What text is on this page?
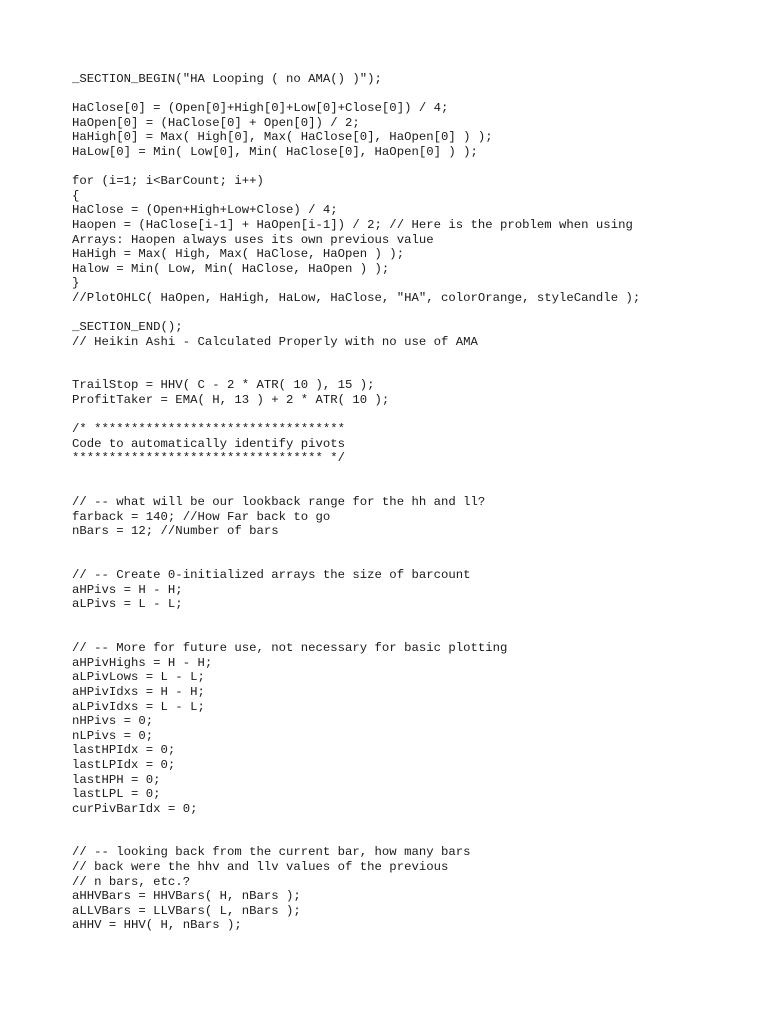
_SECTION_BEGIN("HA Looping ( no AMA() )");

HaClose[0] = (Open[0]+High[0]+Low[0]+Close[0]) / 4;
HaOpen[0] = (HaClose[0] + Open[0]) / 2;
HaHigh[0] = Max( High[0], Max( HaClose[0], HaOpen[0] ) );
HaLow[0] = Min( Low[0], Min( HaClose[0], HaOpen[0] ) );

for (i=1; i<BarCount; i++)
{
HaClose = (Open+High+Low+Close) / 4;
Haopen = (HaClose[i-1] + HaOpen[i-1]) / 2; // Here is the problem when using
Arrays: Haopen always uses its own previous value
HaHigh = Max( High, Max( HaClose, HaOpen ) );
Halow = Min( Low, Min( HaClose, HaOpen ) );
}
//PlotOHLC( HaOpen, HaHigh, HaLow, HaClose, "HA", colorOrange, styleCandle );

_SECTION_END();
// Heikin Ashi - Calculated Properly with no use of AMA

TrailStop = HHV( C - 2 * ATR( 10 ), 15 );
ProfitTaker = EMA( H, 13 ) + 2 * ATR( 10 );

/* **********************************
Code to automatically identify pivots
********************************** */

// -- what will be our lookback range for the hh and ll?
farback = 140; //How Far back to go
nBars = 12; //Number of bars

// -- Create 0-initialized arrays the size of barcount
aHPivs = H - H;
aLPivs = L - L;

// -- More for future use, not necessary for basic plotting
aHPivHighs = H - H;
aLPivLows = L - L;
aHPivIdxs = H - H;
aLPivIdxs = L - L;
nHPivs = 0;
nLPivs = 0;
lastHPIdx = 0;
lastLPIdx = 0;
lastHPH = 0;
lastLPL = 0;
curPivBarIdx = 0;

// -- looking back from the current bar, how many bars
// back were the hhv and llv values of the previous
// n bars, etc.?
aHHVBars = HHVBars( H, nBars );
aLLVBars = LLVBars( L, nBars );
aHHV = HHV( H, nBars );
